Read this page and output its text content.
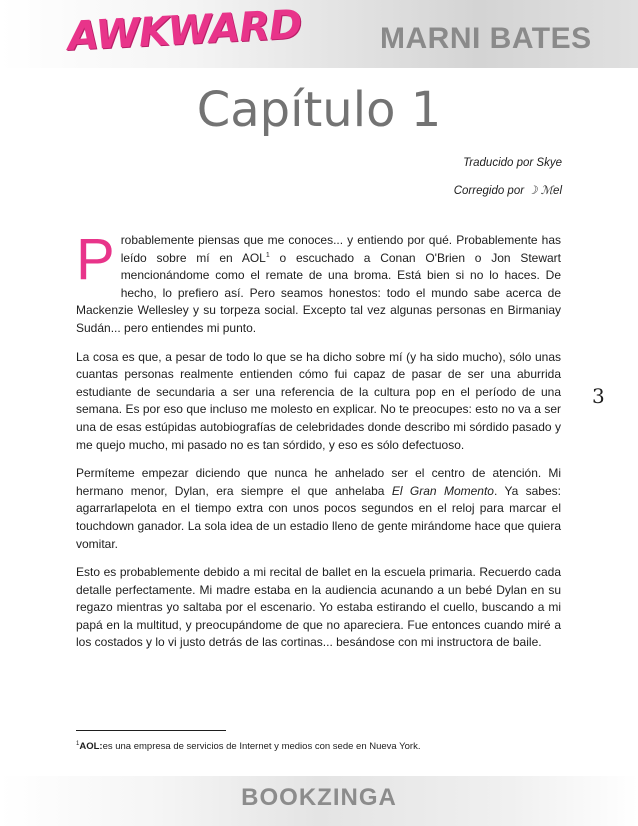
AWKWARD	MARNI BATES
Capítulo 1
Traducido por Skye
Corregido por ☽ ℳel
3

Probablemente piensas que me conoces... y entiendo por qué. Probablemente has leído sobre mí en AOL$^1$ o escuchado a Conan O'Brien o Jon Stewart mencionándome como el remate de una broma. Está bien si no lo haces. De hecho, lo prefiero así. Pero seamos honestos: todo el mundo sabe acerca de Mackenzie Wellesley y su torpeza social. Excepto tal vez algunas personas en Birmaniay Sudán... pero entiendes mi punto.

La cosa es que, a pesar de todo lo que se ha dicho sobre mí (y ha sido mucho), sólo unas cuantas personas realmente entienden cómo fui capaz de pasar de ser una aburrida estudiante de secundaria a ser una referencia de la cultura pop en el período de una semana. Es por eso que incluso me molesto en explicar. No te preocupes: esto no va a ser una de esas estúpidas autobiografías de celebridades donde describo mi sórdido pasado y me quejo mucho, mi pasado no es tan sórdido, y eso es sólo defectuoso.

Permíteme empezar diciendo que nunca he anhelado ser el centro de atención. Mi hermano menor, Dylan, era siempre el que anhelaba El Gran Momento. Ya sabes: agarrarlapelota en el tiempo extra con unos pocos segundos en el reloj para marcar el touchdown ganador. La sola idea de un estadio lleno de gente mirándome hace que quiera vomitar.

Esto es probablemente debido a mi recital de ballet en la escuela primaria. Recuerdo cada detalle perfectamente. Mi madre estaba en la audiencia acunando a un bebé Dylan en su regazo mientras yo saltaba por el escenario. Yo estaba estirando el cuello, buscando a mi papá en la multitud, y preocupándome de que no apareciera. Fue entonces cuando miré a los costados y lo vi justo detrás de las cortinas... besándose con mi instructora de baile.

$^1$AOL:es una empresa de servicios de Internet y medios con sede en Nueva York.
BOOKZINGA
